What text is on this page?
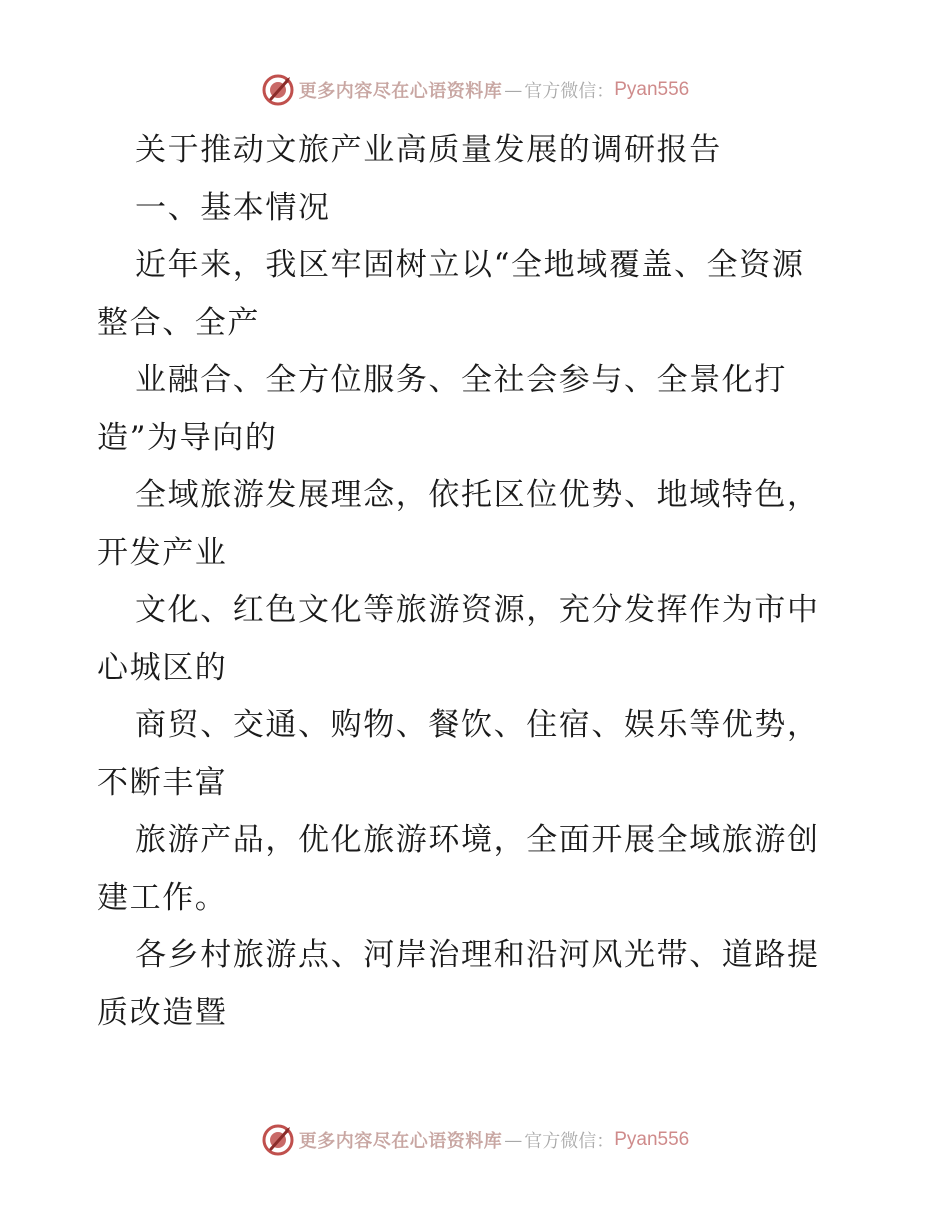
更多内容尽在心语资料库 — 官方微信： Pyan556

关于推动文旅产业高质量发展的调研报告

一、基本情况

近年来，我区牢固树立以“全地域覆盖、全资源

整合、全产

业融合、全方位服务、全社会参与、全景化打

造”为导向的

全域旅游发展理念，依托区位优势、地域特色，

开发产业

文化、红色文化等旅游资源，充分发挥作为市中

心城区的

商贸、交通、购物、餐饮、住宿、娱乐等优势，

不断丰富

旅游产品，优化旅游环境，全面开展全域旅游创

建工作。

各乡村旅游点、河岸治理和沿河风光带、道路提

质改造暨

更多内容尽在心语资料库 — 官方微信： Pyan556
